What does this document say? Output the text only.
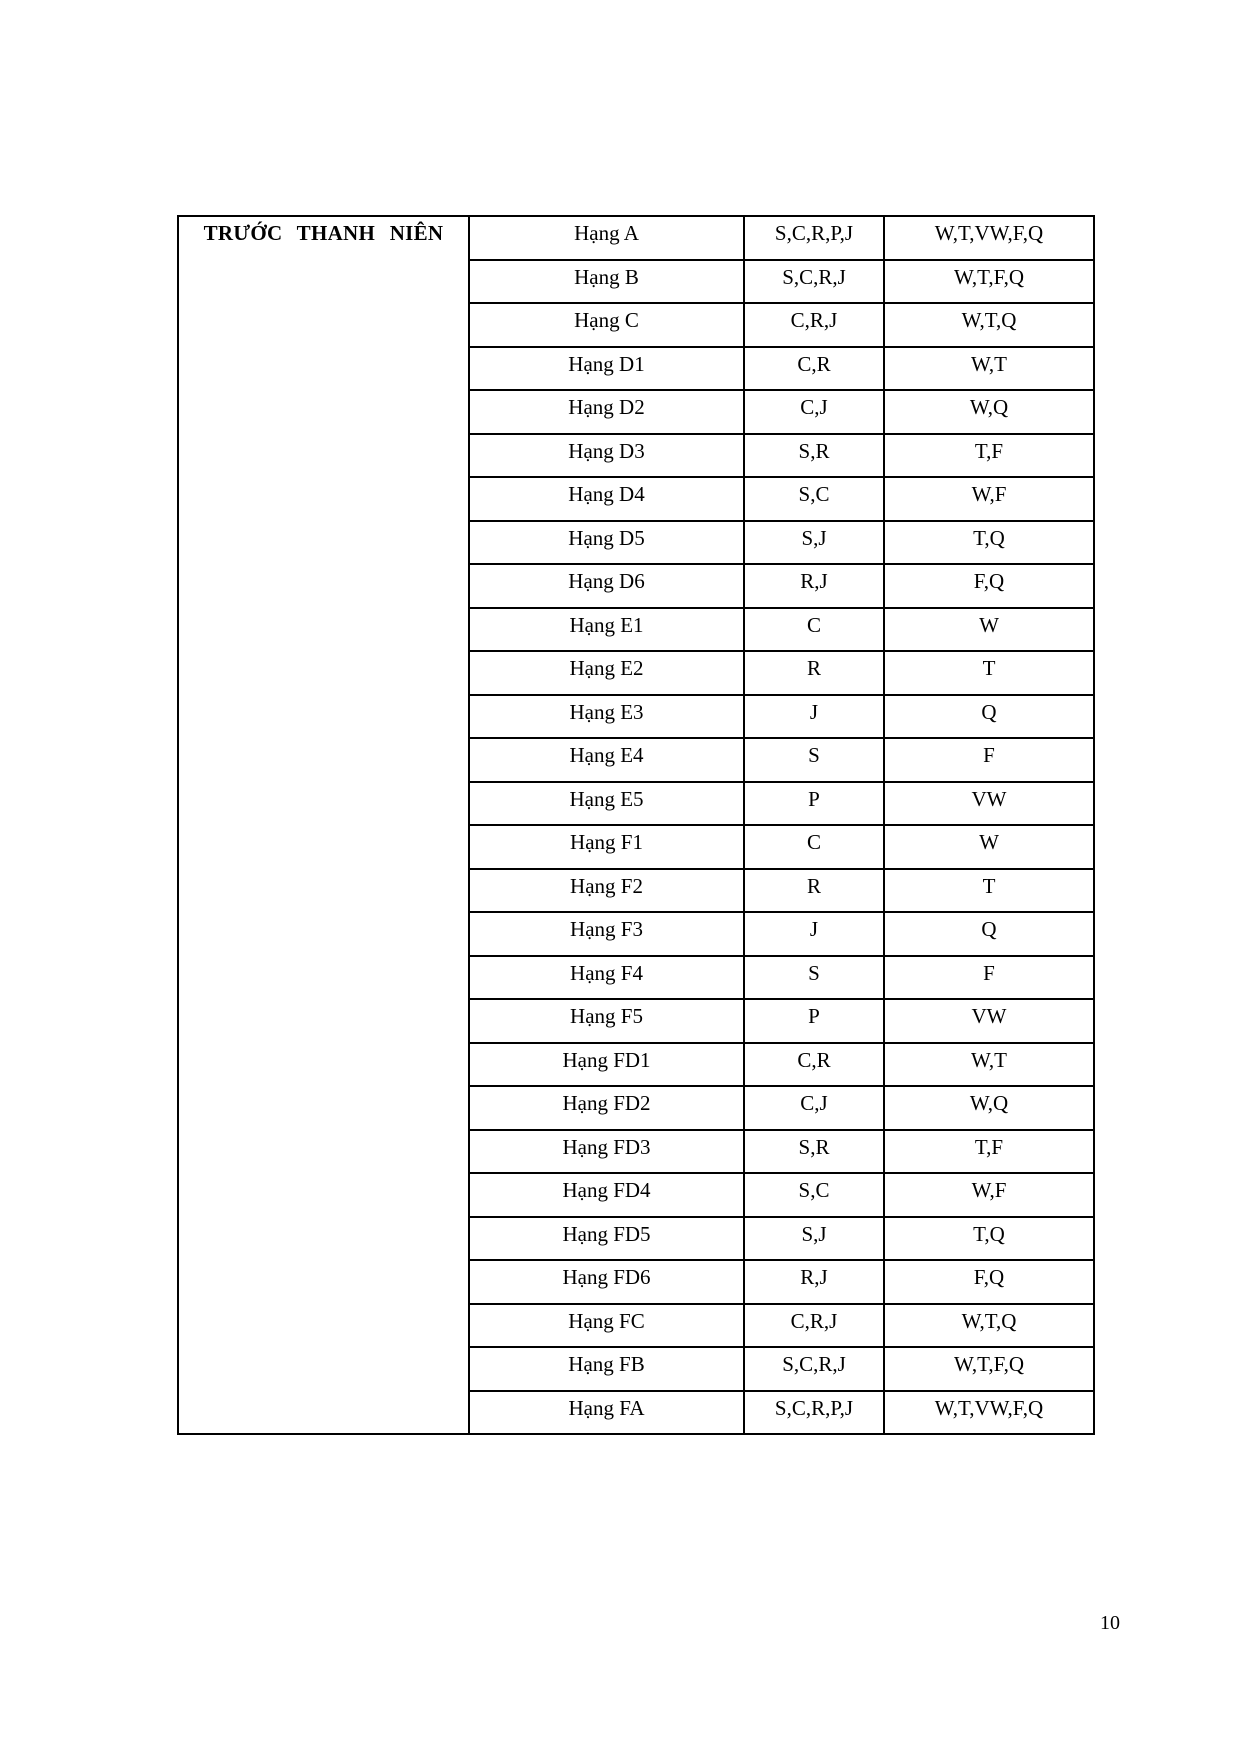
TRƯỚC THANH NIÊN	Hạng A	S,C,R,P,J	W,T,VW,F,Q
	Hạng B	S,C,R,J	W,T,F,Q
	Hạng C	C,R,J	W,T,Q
	Hạng D1	C,R	W,T
	Hạng D2	C,J	W,Q
	Hạng D3	S,R	T,F
	Hạng D4	S,C	W,F
	Hạng D5	S,J	T,Q
	Hạng D6	R,J	F,Q
	Hạng E1	C	W
	Hạng E2	R	T
	Hạng E3	J	Q
	Hạng E4	S	F
	Hạng E5	P	VW
	Hạng F1	C	W
	Hạng F2	R	T
	Hạng F3	J	Q
	Hạng F4	S	F
	Hạng F5	P	VW
	Hạng FD1	C,R	W,T
	Hạng FD2	C,J	W,Q
	Hạng FD3	S,R	T,F
	Hạng FD4	S,C	W,F
	Hạng FD5	S,J	T,Q
	Hạng FD6	R,J	F,Q
	Hạng FC	C,R,J	W,T,Q
	Hạng FB	S,C,R,J	W,T,F,Q
	Hạng FA	S,C,R,P,J	W,T,VW,F,Q
10
